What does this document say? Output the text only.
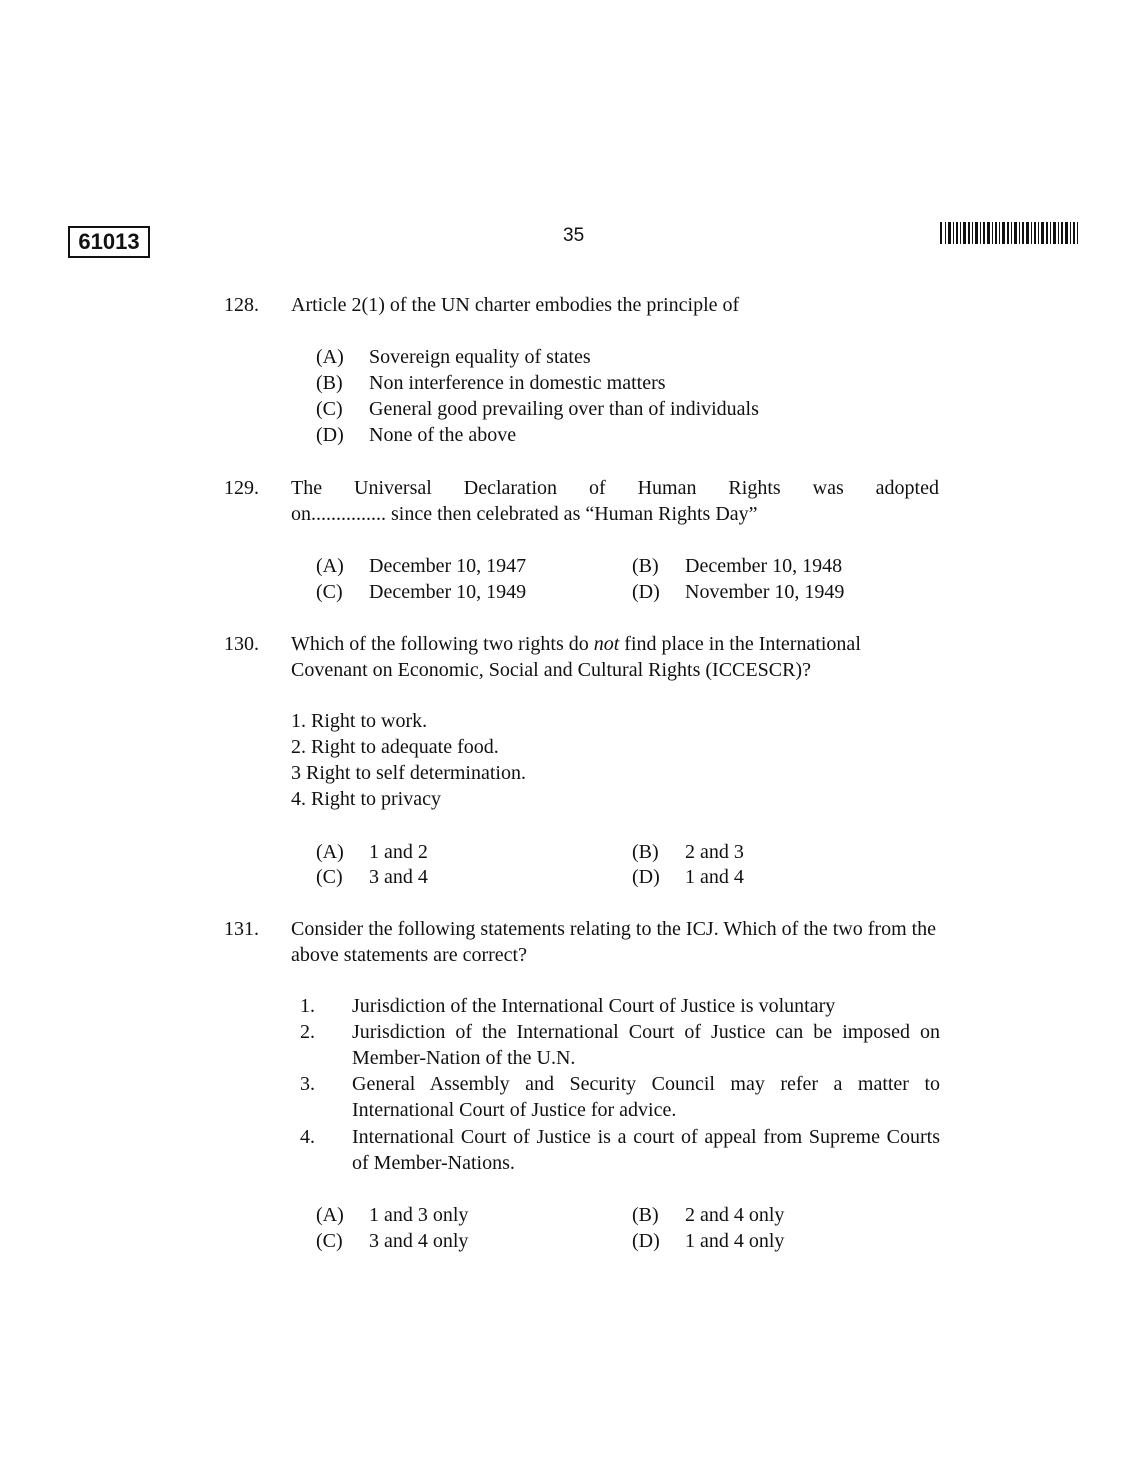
61013	35
128. Article 2(1) of the UN charter embodies the principle of
(A) Sovereign equality of states
(B) Non interference in domestic matters
(C) General good prevailing over than of individuals
(D) None of the above
129. The Universal Declaration of Human Rights was adopted
on............... since then celebrated as “Human Rights Day”
(A) December 10, 1947	(B) December 10, 1948
(C) December 10, 1949	(D) November 10, 1949
130. Which of the following two rights do not find place in the International Covenant on Economic, Social and Cultural Rights (ICCESCR)?
1. Right to work.
2. Right to adequate food.
3 Right to self determination.
4. Right to privacy
(A) 1 and 2	(B) 2 and 3
(C) 3 and 4	(D) 1 and 4
131. Consider the following statements relating to the ICJ. Which of the two from the above statements are correct?
1. Jurisdiction of the International Court of Justice is voluntary
2. Jurisdiction of the International Court of Justice can be imposed on Member-Nation of the U.N.
3. General Assembly and Security Council may refer a matter to International Court of Justice for advice.
4. International Court of Justice is a court of appeal from Supreme Courts of Member-Nations.
(A) 1 and 3 only	(B) 2 and 4 only
(C) 3 and 4 only	(D) 1 and 4 only
